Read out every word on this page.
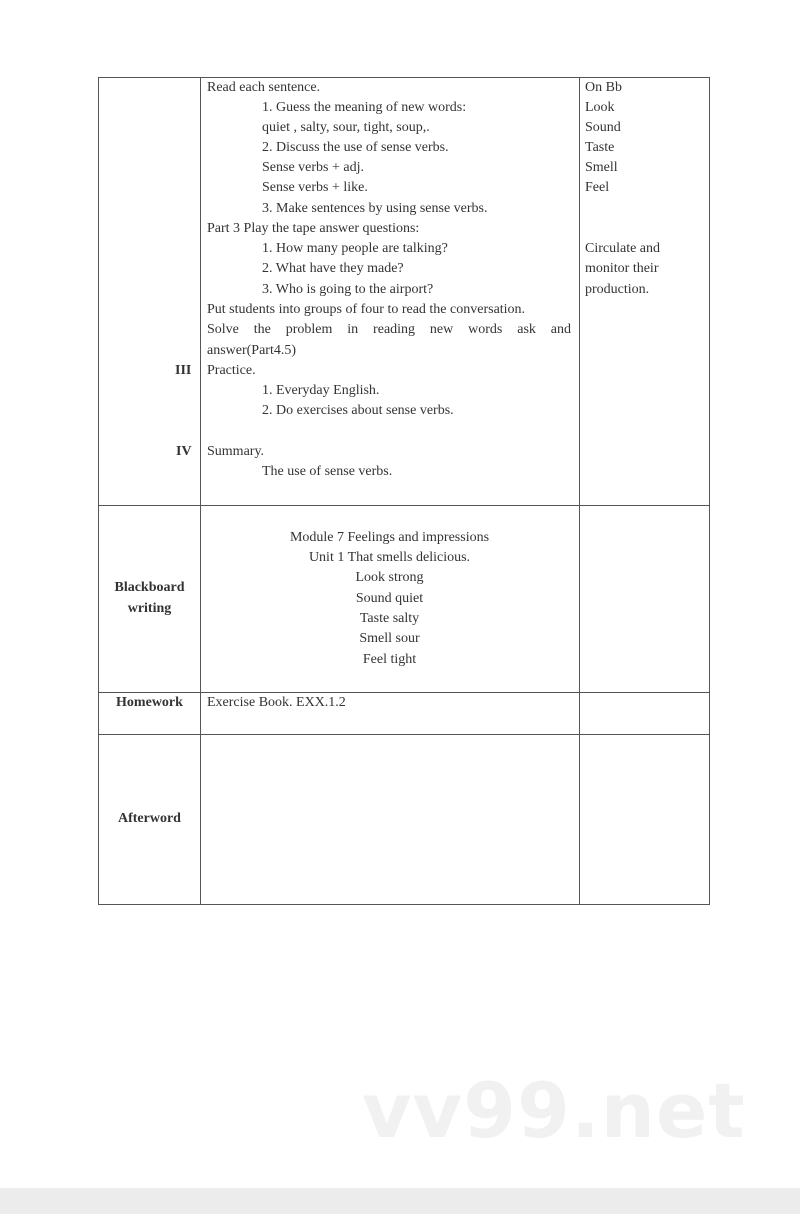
III
IV
Read each sentence.
1. Guess the meaning of new words:
quiet , salty, sour, tight, soup,.
2. Discuss the use of sense verbs.
Sense verbs + adj.
Sense verbs + like.
3. Make sentences by using sense verbs.
Part 3 Play the tape answer questions:
1. How many people are talking?
2. What have they made?
3. Who is going to the airport?
Put students into groups of four to read the conversation.
Solve the problem in reading new words ask and
answer(Part4.5)
Practice.
1. Everyday English.
2. Do exercises about sense verbs.
Summary.
The use of sense verbs.
On Bb
Look
Sound
Taste
Smell
Feel
Circulate and
monitor their
production.
Blackboard
writing
Module 7 Feelings and impressions
Unit 1 That smells delicious.
Look strong
Sound quiet
Taste salty
Smell sour
Feel tight
Homework	Exercise Book. EXX.1.2
Afterword
vv99.net
